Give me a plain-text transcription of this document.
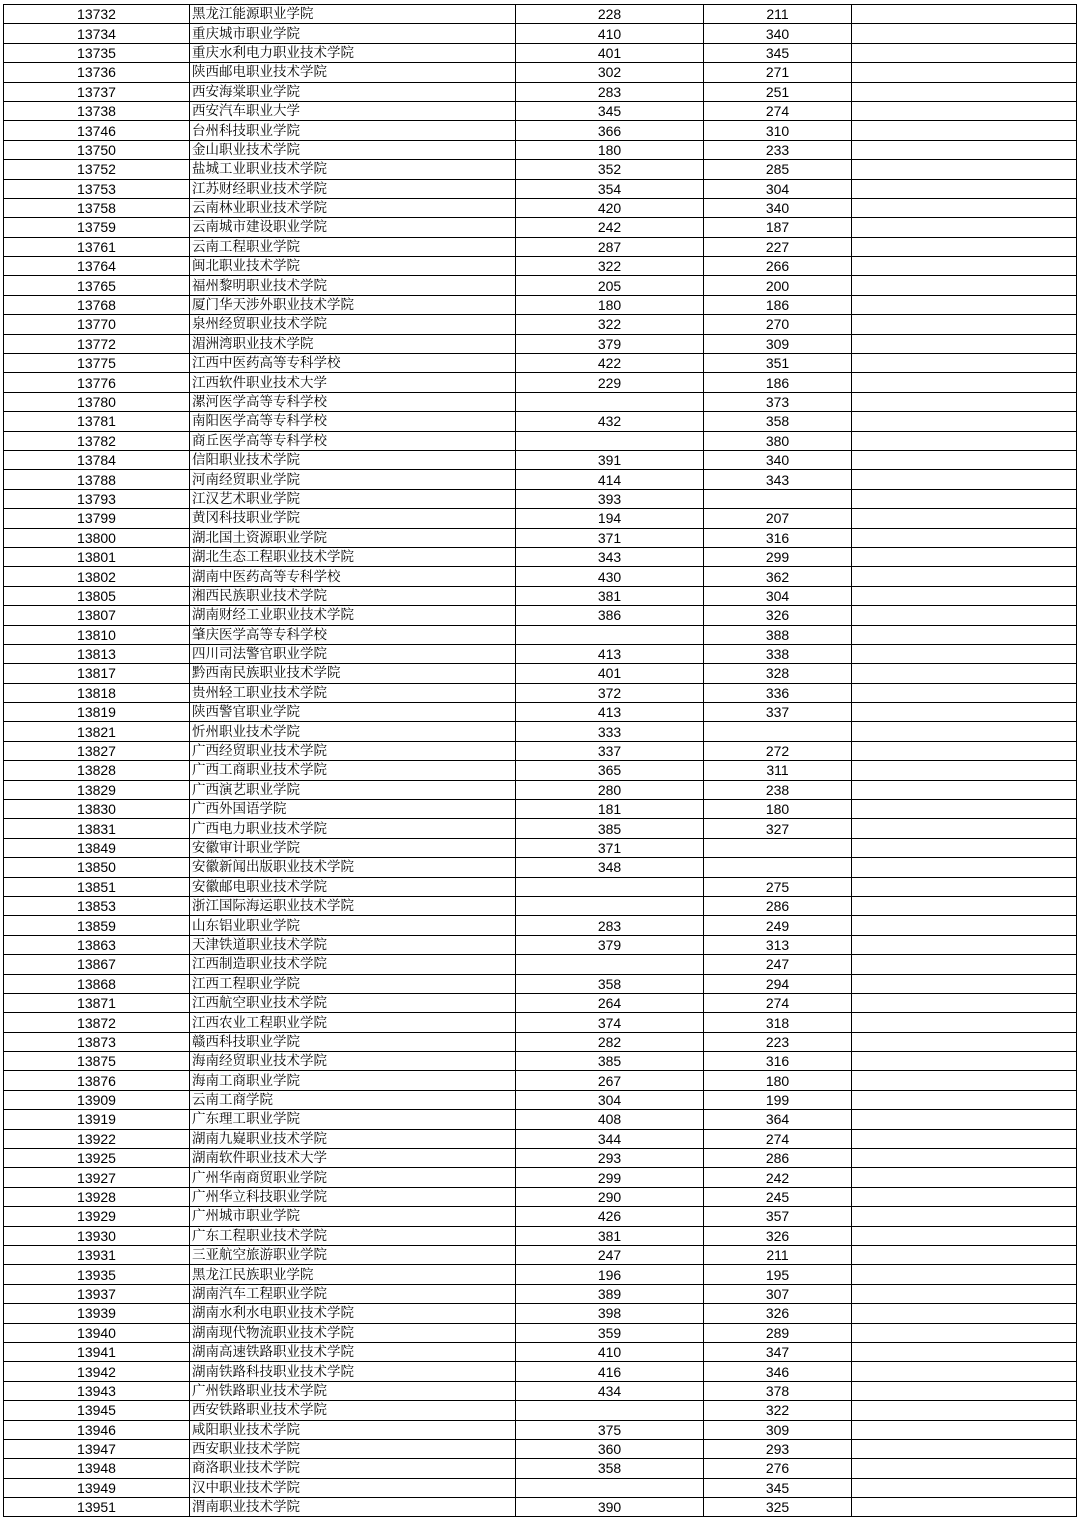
13732	黑龙江能源职业学院	228	211	
13734	重庆城市职业学院	410	340	
13735	重庆水利电力职业技术学院	401	345	
13736	陕西邮电职业技术学院	302	271	
13737	西安海棠职业学院	283	251	
13738	西安汽车职业大学	345	274	
13746	台州科技职业学院	366	310	
13750	金山职业技术学院	180	233	
13752	盐城工业职业技术学院	352	285	
13753	江苏财经职业技术学院	354	304	
13758	云南林业职业技术学院	420	340	
13759	云南城市建设职业学院	242	187	
13761	云南工程职业学院	287	227	
13764	闽北职业技术学院	322	266	
13765	福州黎明职业技术学院	205	200	
13768	厦门华天涉外职业技术学院	180	186	
13770	泉州经贸职业技术学院	322	270	
13772	湄洲湾职业技术学院	379	309	
13775	江西中医药高等专科学校	422	351	
13776	江西软件职业技术大学	229	186	
13780	漯河医学高等专科学校		373	
13781	南阳医学高等专科学校	432	358	
13782	商丘医学高等专科学校		380	
13784	信阳职业技术学院	391	340	
13788	河南经贸职业学院	414	343	
13793	江汉艺术职业学院	393		
13799	黄冈科技职业学院	194	207	
13800	湖北国土资源职业学院	371	316	
13801	湖北生态工程职业技术学院	343	299	
13802	湖南中医药高等专科学校	430	362	
13805	湘西民族职业技术学院	381	304	
13807	湖南财经工业职业技术学院	386	326	
13810	肇庆医学高等专科学校		388	
13813	四川司法警官职业学院	413	338	
13817	黔西南民族职业技术学院	401	328	
13818	贵州轻工职业技术学院	372	336	
13819	陕西警官职业学院	413	337	
13821	忻州职业技术学院	333		
13827	广西经贸职业技术学院	337	272	
13828	广西工商职业技术学院	365	311	
13829	广西演艺职业学院	280	238	
13830	广西外国语学院	181	180	
13831	广西电力职业技术学院	385	327	
13849	安徽审计职业学院	371		
13850	安徽新闻出版职业技术学院	348		
13851	安徽邮电职业技术学院		275	
13853	浙江国际海运职业技术学院		286	
13859	山东铝业职业学院	283	249	
13863	天津铁道职业技术学院	379	313	
13867	江西制造职业技术学院		247	
13868	江西工程职业学院	358	294	
13871	江西航空职业技术学院	264	274	
13872	江西农业工程职业学院	374	318	
13873	赣西科技职业学院	282	223	
13875	海南经贸职业技术学院	385	316	
13876	海南工商职业学院	267	180	
13909	云南工商学院	304	199	
13919	广东理工职业学院	408	364	
13922	湖南九嶷职业技术学院	344	274	
13925	湖南软件职业技术大学	293	286	
13927	广州华南商贸职业学院	299	242	
13928	广州华立科技职业学院	290	245	
13929	广州城市职业学院	426	357	
13930	广东工程职业技术学院	381	326	
13931	三亚航空旅游职业学院	247	211	
13935	黑龙江民族职业学院	196	195	
13937	湖南汽车工程职业学院	389	307	
13939	湖南水利水电职业技术学院	398	326	
13940	湖南现代物流职业技术学院	359	289	
13941	湖南高速铁路职业技术学院	410	347	
13942	湖南铁路科技职业技术学院	416	346	
13943	广州铁路职业技术学院	434	378	
13945	西安铁路职业技术学院		322	
13946	咸阳职业技术学院	375	309	
13947	西安职业技术学院	360	293	
13948	商洛职业技术学院	358	276	
13949	汉中职业技术学院		345	
13951	渭南职业技术学院	390	325	
